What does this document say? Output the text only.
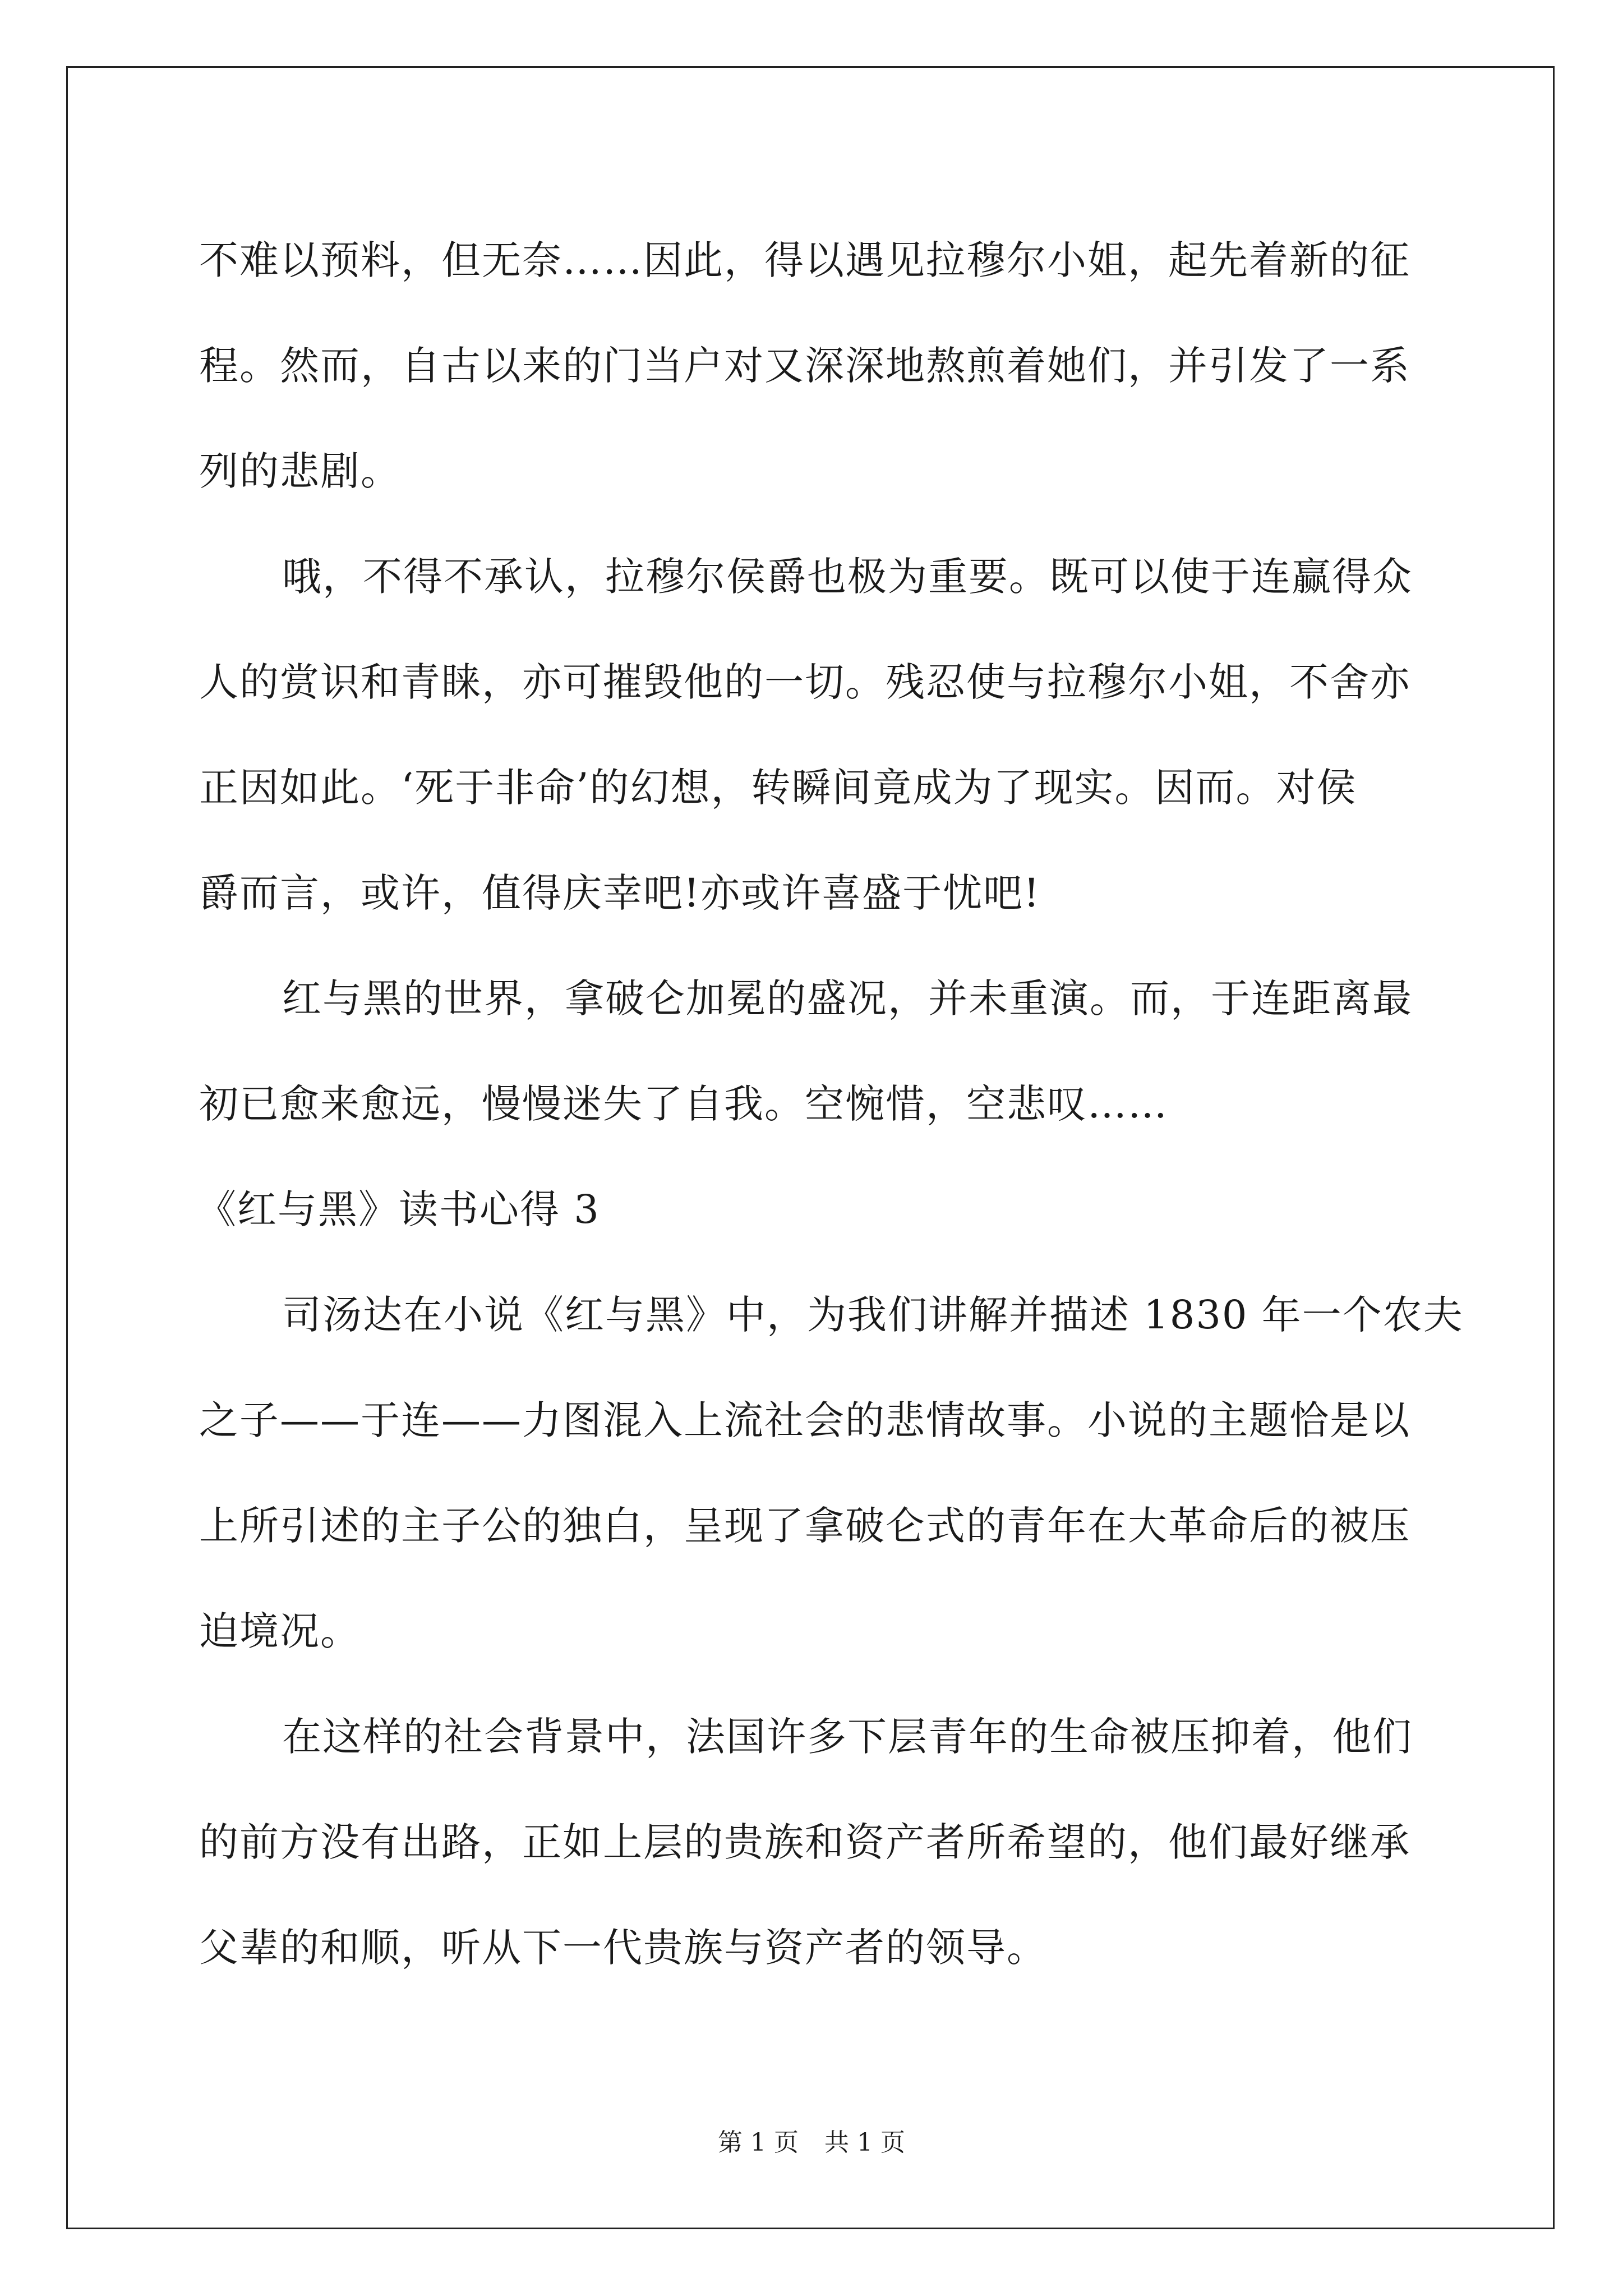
不难以预料，但无奈……因此，得以遇见拉穆尔小姐，起先着新的征
程。然而，自古以来的门当户对又深深地熬煎着她们，并引发了一系
列的悲剧。
哦，不得不承认，拉穆尔侯爵也极为重要。既可以使于连赢得众
人的赏识和青睐，亦可摧毁他的一切。残忍使与拉穆尔小姐，不舍亦
正因如此。‘死于非命’的幻想，转瞬间竟成为了现实。因而。对侯
爵而言，或许，值得庆幸吧!亦或许喜盛于忧吧!
红与黑的世界，拿破仑加冕的盛况，并未重演。而，于连距离最
初已愈来愈远，慢慢迷失了自我。空惋惜，空悲叹……
《红与黑》读书心得 3
司汤达在小说《红与黑》中，为我们讲解并描述 1830 年一个农夫
之子——于连——力图混入上流社会的悲情故事。小说的主题恰是以
上所引述的主子公的独白，呈现了拿破仑式的青年在大革命后的被压
迫境况。
在这样的社会背景中，法国许多下层青年的生命被压抑着，他们
的前方没有出路，正如上层的贵族和资产者所希望的，他们最好继承
父辈的和顺，听从下一代贵族与资产者的领导。
第 1 页 共 1 页
